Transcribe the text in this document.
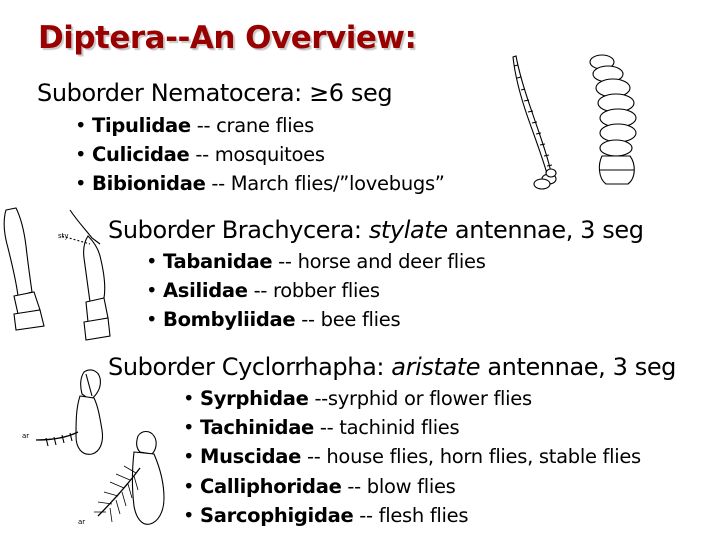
Diptera--An Overview:
Suborder Nematocera: ≥6 seg
• Tipulidae -- crane flies
• Culicidae -- mosquitoes
• Bibionidae -- March flies/”lovebugs”
Suborder Brachycera: stylate antennae, 3 seg
• Tabanidae -- horse and deer flies
• Asilidae -- robber flies
• Bombyliidae -- bee flies
Suborder Cyclorrhapha: aristate antennae, 3 seg
• Syrphidae --syrphid or flower flies
• Tachinidae -- tachinid flies
• Muscidae -- house flies, horn flies, stable flies
• Calliphoridae -- blow flies
• Sarcophigidae -- flesh flies
sty
ar
ar
